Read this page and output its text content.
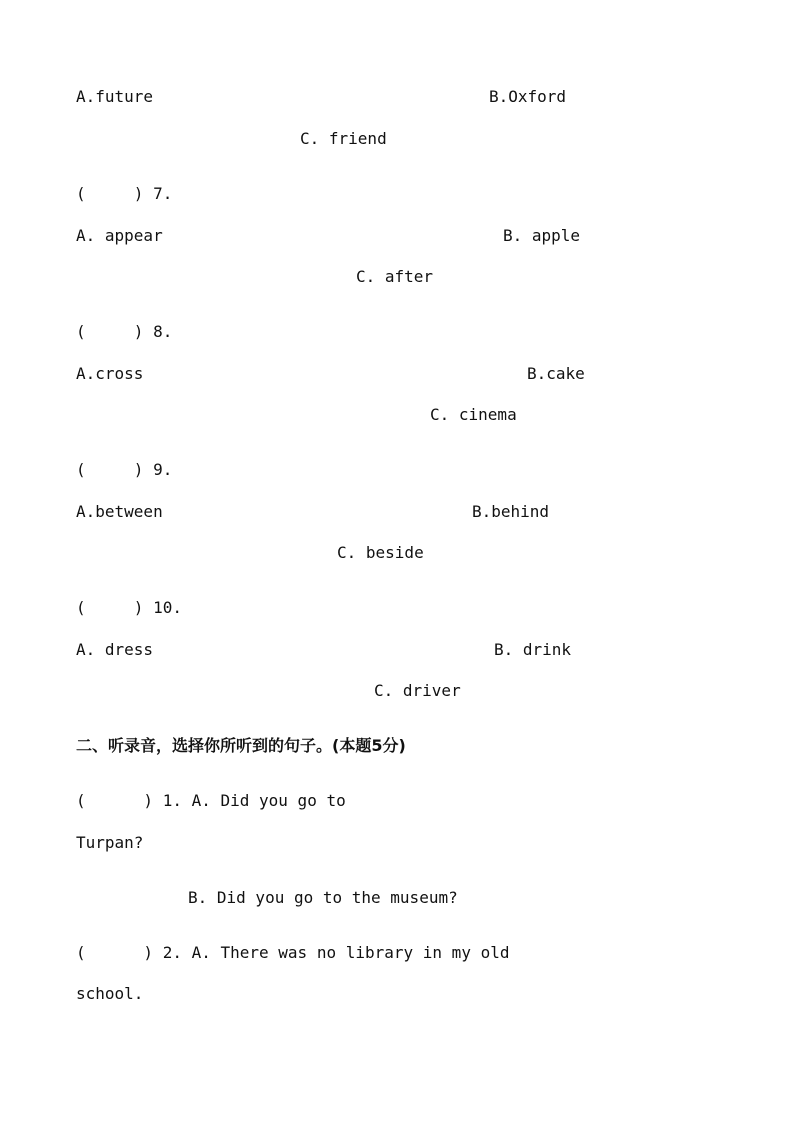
A.future	B.Oxford
C. friend
(     ) 7.
A. appear	B. apple
C. after
(     ) 8.
A.cross	B.cake
C. cinema
(     ) 9.
A.between	B.behind
C. beside
(     ) 10.
A. dress	B. drink
C. driver
二、听录音，选择你所听到的句子。(本题5分)
(      ) 1. A. Did you go to
Turpan?
B. Did you go to the museum?
(      ) 2. A. There was no library in my old
school.
